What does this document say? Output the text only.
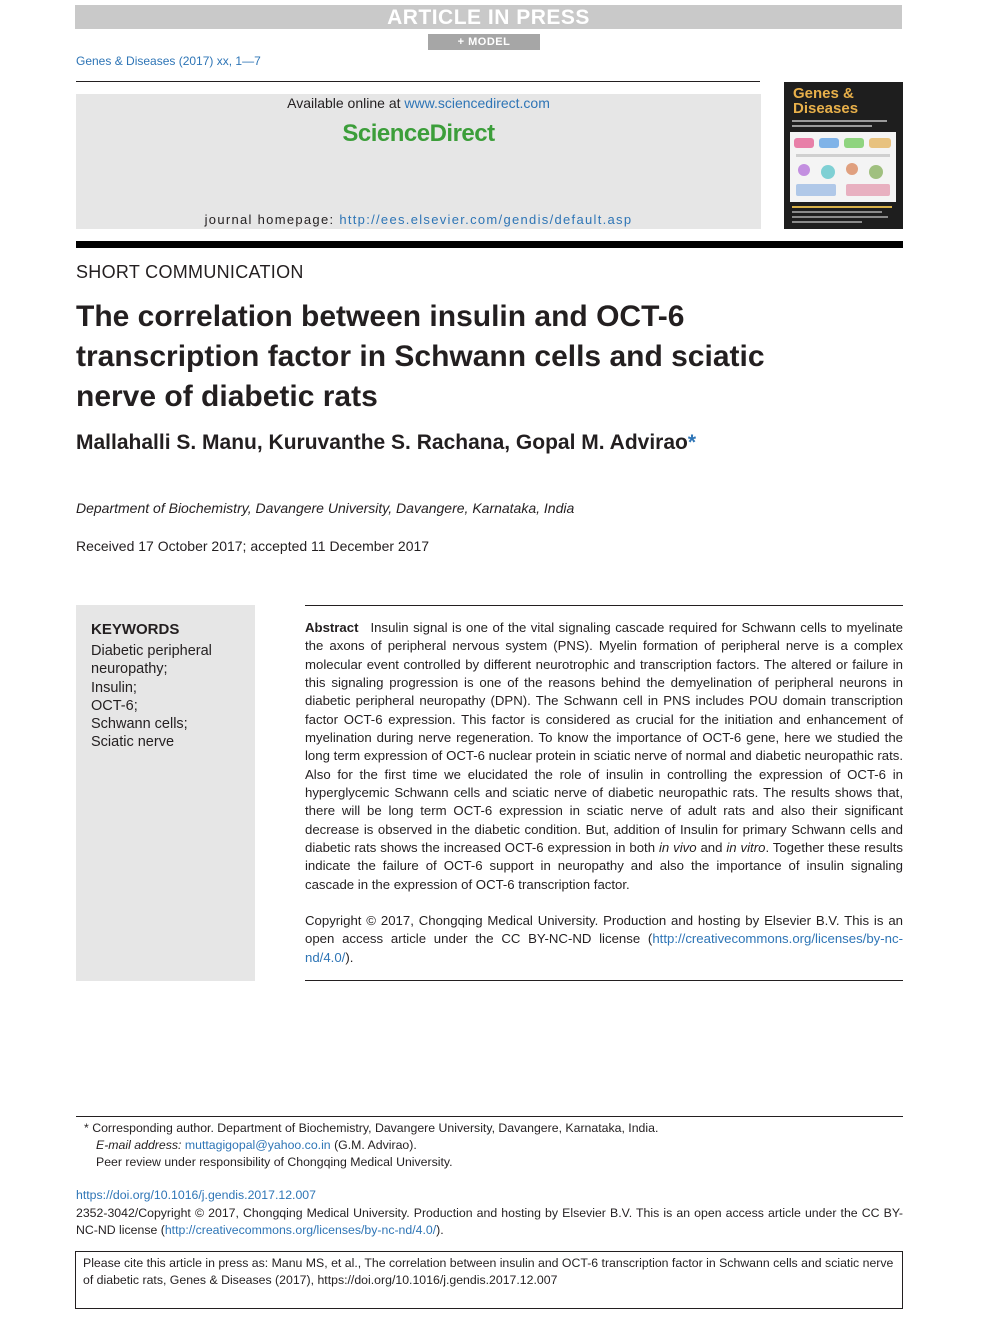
ARTICLE IN PRESS
+ MODEL
Genes & Diseases (2017) xx, 1—7
Available online at www.sciencedirect.com
ScienceDirect
journal homepage: http://ees.elsevier.com/gendis/default.asp
Genes & Diseases
SHORT COMMUNICATION
The correlation between insulin and OCT-6 transcription factor in Schwann cells and sciatic nerve of diabetic rats
Mallahalli S. Manu, Kuruvanthe S. Rachana, Gopal M. Advirao*
Department of Biochemistry, Davangere University, Davangere, Karnataka, India
Received 17 October 2017; accepted 11 December 2017
KEYWORDS
Diabetic peripheral neuropathy;
Insulin;
OCT-6;
Schwann cells;
Sciatic nerve
Abstract Insulin signal is one of the vital signaling cascade required for Schwann cells to myelinate the axons of peripheral nervous system (PNS). Myelin formation of peripheral nerve is a complex molecular event controlled by different neurotrophic and transcription factors. The altered or failure in this signaling progression is one of the reasons behind the demyelination of peripheral neurons in diabetic peripheral neuropathy (DPN). The Schwann cell in PNS includes POU domain transcription factor OCT-6 expression. This factor is considered as crucial for the initiation and enhancement of myelination during nerve regeneration. To know the importance of OCT-6 gene, here we studied the long term expression of OCT-6 nuclear protein in sciatic nerve of normal and diabetic neuropathic rats. Also for the first time we elucidated the role of insulin in controlling the expression of OCT-6 in hyperglycemic Schwann cells and sciatic nerve of diabetic neuropathic rats. The results shows that, there will be long term OCT-6 expression in sciatic nerve of adult rats and also their significant decrease is observed in the diabetic condition. But, addition of Insulin for primary Schwann cells and diabetic rats shows the increased OCT-6 expression in both in vivo and in vitro. Together these results indicate the failure of OCT-6 support in neuropathy and also the importance of insulin signaling cascade in the expression of OCT-6 transcription factor.
Copyright © 2017, Chongqing Medical University. Production and hosting by Elsevier B.V. This is an open access article under the CC BY-NC-ND license (http://creativecommons.org/licenses/by-nc-nd/4.0/).
* Corresponding author. Department of Biochemistry, Davangere University, Davangere, Karnataka, India.
E-mail address: muttagigopal@yahoo.co.in (G.M. Advirao).
Peer review under responsibility of Chongqing Medical University.
https://doi.org/10.1016/j.gendis.2017.12.007
2352-3042/Copyright © 2017, Chongqing Medical University. Production and hosting by Elsevier B.V. This is an open access article under the CC BY-NC-ND license (http://creativecommons.org/licenses/by-nc-nd/4.0/).
Please cite this article in press as: Manu MS, et al., The correlation between insulin and OCT-6 transcription factor in Schwann cells and sciatic nerve of diabetic rats, Genes & Diseases (2017), https://doi.org/10.1016/j.gendis.2017.12.007
